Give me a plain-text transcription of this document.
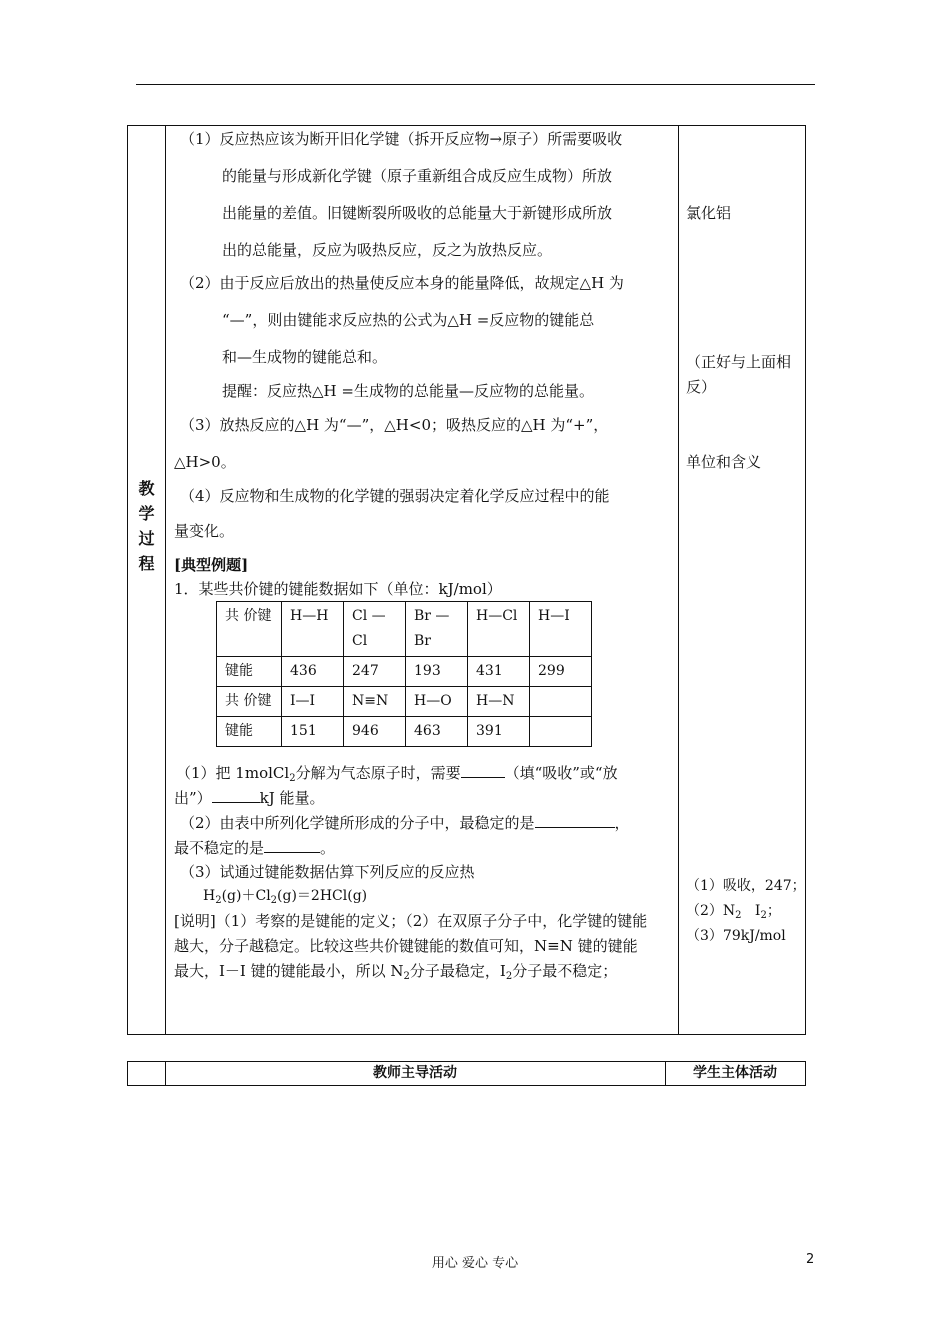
教
学
过
程
（1）反应热应该为断开旧化学键（拆开反应物→原子）所需要吸收
的能量与形成新化学键（原子重新组合成反应生成物）所放
出能量的差值。旧键断裂所吸收的总能量大于新键形成所放
出的总能量，反应为吸热反应，反之为放热反应。
（2）由于反应后放出的热量使反应本身的能量降低，故规定△H 为
“—”，则由键能求反应热的公式为△H =反应物的键能总
和—生成物的键能总和。
提醒：反应热△H =生成物的总能量—反应物的总能量。
（3）放热反应的△H 为“—”，△H<0；吸热反应的△H 为“+”，
△H>0。
（4）反应物和生成物的化学键的强弱决定着化学反应过程中的能
量变化。
[典型例题]
1．某些共价键的键能数据如下（单位：kJ/mol）
共 价键	H—H	Cl —Cl	Br —Br	H—Cl	H—I
键能	436	247	193	431	299
共 价键	I—I	N≡N	H—O	H—N	
键能	151	946	463	391	
（1）把 1molCl$_2$分解为气态原子时，需要	（填“吸收”或“放
出”）	kJ 能量。
（2）由表中所列化学键所形成的分子中，最稳定的是	，
最不稳定的是	。
（3）试通过键能数据估算下列反应的反应热
$H_2(g)+Cl_2(g)=2HCl(g)$
[说明]（1）考察的是键能的定义；（2）在双原子分子中，化学键的键能
越大，分子越稳定。比较这些共价键键能的数值可知，N≡N 键的键能
最大，I－I 键的键能最小，所以 $N_2$分子最稳定，$I_2$分子最不稳定；
氯化铝
（正好与上面相
反）
单位和含义
（1）吸收，247；
$(2)N_2$ $I_2$；
（3）79kJ/mol
教师主导活动	学生主体活动
用心 爱心 专心	2
